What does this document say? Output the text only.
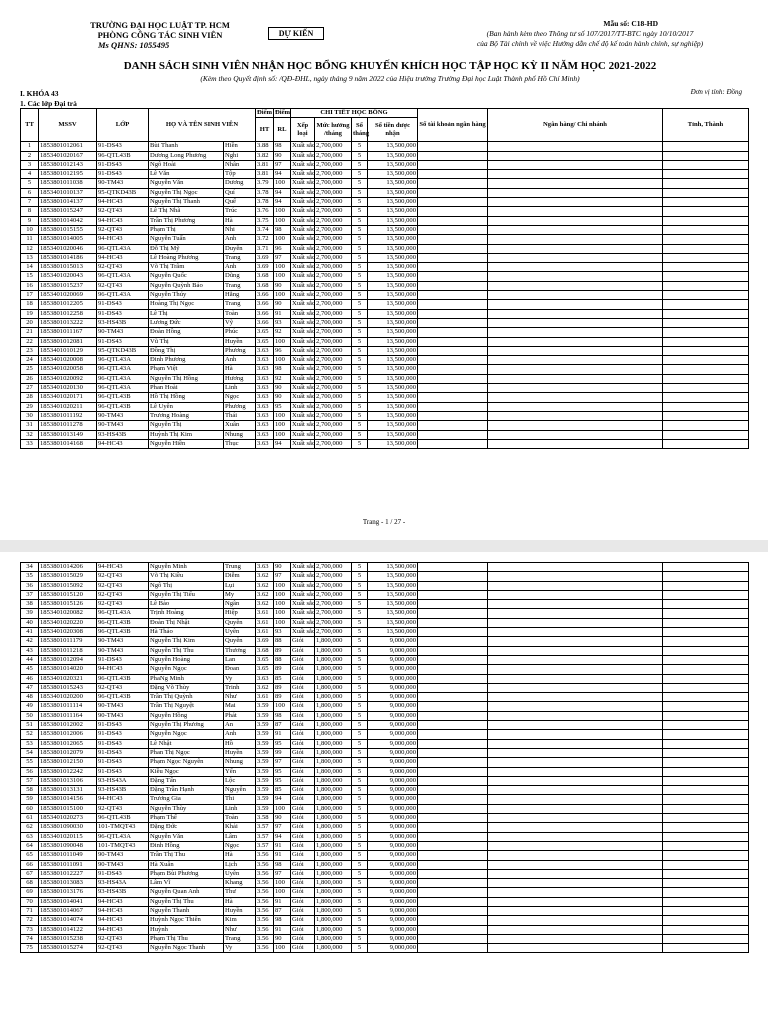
TRƯỜNG ĐẠI HỌC LUẬT TP. HCM
PHÒNG CÔNG TÁC SINH VIÊN
Ms QHNS: 1055495
DỰ KIẾN
Mẫu số: C18-HD
(Ban hành kèm theo Thông tư số 107/2017/TT-BTC ngày 10/10/2017
của Bộ Tài chính về việc Hướng dẫn chế độ kế toán hành chính, sự nghiệp)
DANH SÁCH SINH VIÊN NHẬN HỌC BỔNG KHUYẾN KHÍCH HỌC TẬP HỌC KỲ II NĂM HỌC 2021-2022
(Kèm theo Quyết định số: /QĐ-ĐHL, ngày tháng 9 năm 2022 của Hiệu trưởng Trường Đại học Luật Thành phố Hồ Chí Minh)
I. KHÓA 43
1. Các lớp Đại trà
Đơn vị tính: Đồng
TT	MSSV	LỚP	HỌ VÀ TÊN SINH VIÊN		Điểm	Điểm	CHI TIẾT HỌC BỔNG				Số tài khoản ngân hàng	Ngân hàng/ Chi nhánh	Tỉnh, Thành
					HT	RL	Xếp loại	Mức hưởng /tháng	Số tháng	Số tiền được nhận			
1	1853801012061	91-DS43	Bùi Thanh	Hiền	3.88	98	Xuất sắc	2,700,000	5	13,500,000			
2	1853401020167	96-QTL43B	Dương Long Phương	Nghi	3.82	90	Xuất sắc	2,700,000	5	13,500,000			
3	1853801012143	91-DS43	Ngô Hoài	Nhân	3.81	97	Xuất sắc	2,700,000	5	13,500,000			
4	1853801012195	91-DS43	Lê Văn	Tộp	3.81	94	Xuất sắc	2,700,000	5	13,500,000			
5	1853801011038	90-TM43	Nguyễn Văn	Dương	3.79	100	Xuất sắc	2,700,000	5	13,500,000			
6	1853401010137	95-QTKD43B	Nguyễn Thị Ngọc	Quí	3.78	94	Xuất sắc	2,700,000	5	13,500,000			
7	1853801014137	94-HC43	Nguyễn Thị Thanh	Quế	3.78	94	Xuất sắc	2,700,000	5	13,500,000			
8	1853801015247	92-QT43	Lê Thị Nhã	Trúc	3.76	100	Xuất sắc	2,700,000	5	13,500,000			
9	1853801014042	94-HC43	Trần Thị Phương	Hà	3.75	100	Xuất sắc	2,700,000	5	13,500,000			
10	1853801015155	92-QT43	Phạm Thị	Nhi	3.74	98	Xuất sắc	2,700,000	5	13,500,000			
11	1853801014005	94-HC43	Nguyễn Tuấn	Anh	3.72	100	Xuất sắc	2,700,000	5	13,500,000			
12	1853401020046	96-QTL43A	Đỗ Thị Mỹ	Duyên	3.71	96	Xuất sắc	2,700,000	5	13,500,000			
13	1853801014186	94-HC43	Lê Hoàng Phương	Trang	3.69	97	Xuất sắc	2,700,000	5	13,500,000			
14	1853801015013	92-QT43	Võ Thị Trâm	Anh	3.69	100	Xuất sắc	2,700,000	5	13,500,000			
15	1853401020043	96-QTL43A	Nguyễn Quốc	Dũng	3.68	100	Xuất sắc	2,700,000	5	13,500,000			
16	1853801015237	92-QT43	Nguyễn Quỳnh Bảo	Trang	3.68	90	Xuất sắc	2,700,000	5	13,500,000			
17	1853401020069	96-QTL43A	Nguyễn Thúy	Hằng	3.66	100	Xuất sắc	2,700,000	5	13,500,000			
18	1853801012205	91-DS43	Hoàng Thị Ngọc	Trang	3.66	90	Xuất sắc	2,700,000	5	13,500,000			
19	1853801012258	91-DS43	Lê Thị	Toàn	3.66	91	Xuất sắc	2,700,000	5	13,500,000			
20	1853801013222	93-HS43B	Lương Đức	Vỹ	3.66	93	Xuất sắc	2,700,000	5	13,500,000			
21	1853801011167	90-TM43	Đoàn Hồng	Phúc	3.65	92	Xuất sắc	2,700,000	5	13,500,000			
22	1853801012081	91-DS43	Vũ Thị	Huyền	3.65	100	Xuất sắc	2,700,000	5	13,500,000			
23	1853401010129	95-QTKD43B	Đồng Thị	Phương	3.63	96	Xuất sắc	2,700,000	5	13,500,000			
24	1853401020008	96-QTL43A	Đinh Phương	Anh	3.63	100	Xuất sắc	2,700,000	5	13,500,000			
25	1853401020058	96-QTL43A	Phạm Việt	Hà	3.63	98	Xuất sắc	2,700,000	5	13,500,000			
26	1853401020092	96-QTL43A	Nguyễn Thị Hồng	Hương	3.63	92	Xuất sắc	2,700,000	5	13,500,000			
27	1853401020130	96-QTL43A	Phan Hoài	Linh	3.63	90	Xuất sắc	2,700,000	5	13,500,000			
28	1853401020171	96-QTL43B	Hồ Thị Hồng	Ngọc	3.63	90	Xuất sắc	2,700,000	5	13,500,000			
29	1853401020211	96-QTL43B	Lê Uyên	Phương	3.63	95	Xuất sắc	2,700,000	5	13,500,000			
30	1853801011192	90-TM43	Trương Hoàng	Thái	3.63	100	Xuất sắc	2,700,000	5	13,500,000			
31	1853801011278	90-TM43	Nguyễn Thị	Xuân	3.63	100	Xuất sắc	2,700,000	5	13,500,000			
32	1853801013149	93-HS43B	Huỳnh Thị Kim	Nhung	3.63	100	Xuất sắc	2,700,000	5	13,500,000			
33	1853801014168	94-HC43	Nguyễn Hiền	Thục	3.63	94	Xuất sắc	2,700,000	5	13,500,000			
Trang - 1 / 27 -
34	1853801014206	94-HC43	Nguyễn Minh	Trung	3.63	90	Xuất sắc	2,700,000	5	13,500,000			
35	1853801015029	92-QT43	Võ Thị Kiều	Diễm	3.62	97	Xuất sắc	2,700,000	5	13,500,000			
36	1853801015092	92-QT43	Ngô Thị	Lụi	3.62	100	Xuất sắc	2,700,000	5	13,500,000			
37	1853801015120	92-QT43	Nguyễn Thị Tiểu	My	3.62	100	Xuất sắc	2,700,000	5	13,500,000			
38	1853801015126	92-QT43	Lê Bảo	Ngân	3.62	100	Xuất sắc	2,700,000	5	13,500,000			
39	1853401020082	96-QTL43A	Trịnh Hoàng	Hiệp	3.61	100	Xuất sắc	2,700,000	5	13,500,000			
40	1853401020220	96-QTL43B	Đoàn Thị Nhật	Quyên	3.61	100	Xuất sắc	2,700,000	5	13,500,000			
41	1853401020308	96-QTL43B	Hà Thảo	Uyên	3.61	93	Xuất sắc	2,700,000	5	13,500,000			
42	1853801011179	90-TM43	Nguyễn Thị Kim	Quyên	3.69	88	Giỏi	1,800,000	5	9,000,000			
43	1853801011218	90-TM43	Nguyễn Thị Thu	Thương	3.68	89	Giỏi	1,800,000	5	9,000,000			
44	1853801012094	91-DS43	Nguyễn Hoàng	Lan	3.65	88	Giỏi	1,800,000	5	9,000,000			
45	1853801014020	94-HC43	Nguyễn Ngọc	Đoan	3.65	89	Giỏi	1,800,000	5	9,000,000			
46	1853401020321	96-QTL43B	PhaNg Minh	Vy	3.63	85	Giỏi	1,800,000	5	9,000,000			
47	1853801015243	92-QT43	Đặng Võ Thùy	Trinh	3.62	89	Giỏi	1,800,000	5	9,000,000			
48	1853401020200	96-QTL43B	Trần Thị Quỳnh	Như	3.61	89	Giỏi	1,800,000	5	9,000,000			
49	1853801011114	90-TM43	Trần Thị Nguyệt	Mai	3.59	100	Giỏi	1,800,000	5	9,000,000			
50	1853801011164	90-TM43	Nguyễn Hồng	Phát	3.59	98	Giỏi	1,800,000	5	9,000,000			
51	1853801012002	91-DS43	Nguyễn Thị Phương	An	3.59	87	Giỏi	1,800,000	5	9,000,000			
52	1853801012006	91-DS43	Nguyễn Ngọc	Anh	3.59	91	Giỏi	1,800,000	5	9,000,000			
53	1853801012065	91-DS43	Lê Nhật	Hồ	3.59	95	Giỏi	1,800,000	5	9,000,000			
54	1853801012079	91-DS43	Phan Thị Ngọc	Huyền	3.59	99	Giỏi	1,800,000	5	9,000,000			
55	1853801012150	91-DS43	Phạm Ngọc Nguyên	Nhung	3.59	97	Giỏi	1,800,000	5	9,000,000			
56	1853801012242	91-DS43	Kiều Ngọc	Yến	3.59	95	Giỏi	1,800,000	5	9,000,000			
57	1853801013106	93-HS43A	Đặng Tấn	Lộc	3.59	95	Giỏi	1,800,000	5	9,000,000			
58	1853801013131	93-HS43B	Đặng Trần Hạnh	Nguyên	3.59	85	Giỏi	1,800,000	5	9,000,000			
59	1853801014156	94-HC43	Trương Gia	Thi	3.59	94	Giỏi	1,800,000	5	9,000,000			
60	1853801015100	92-QT43	Nguyễn Thùy	Linh	3.59	100	Giỏi	1,800,000	5	9,000,000			
61	1853401020273	96-QTL43B	Phạm Thế	Toàn	3.58	90	Giỏi	1,800,000	5	9,000,000			
62	1853801090030	101-TMQT43	Đặng Đức	Khải	3.57	97	Giỏi	1,800,000	5	9,000,000			
63	1853401020115	96-QTL43A	Nguyễn Văn	Lâm	3.57	94	Giỏi	1,800,000	5	9,000,000			
64	1853801090048	101-TMQT43	Đinh Hồng	Ngọc	3.57	91	Giỏi	1,800,000	5	9,000,000			
65	1853801011049	90-TM43	Trần Thị Thu	Hà	3.56	91	Giỏi	1,800,000	5	9,000,000			
66	1853801011091	90-TM43	Hà Xuân	Lịch	3.56	98	Giỏi	1,800,000	5	9,000,000			
67	1853801012227	91-DS43	Phạm Bùi Phương	Uyên	3.56	97	Giỏi	1,800,000	5	9,000,000			
68	1853801013083	93-HS43A	Lâm Vĩ	Khang	3.56	100	Giỏi	1,800,000	5	9,000,000			
69	1853801013176	93-HS43B	Nguyễn Quan Anh	Thư	3.56	100	Giỏi	1,800,000	5	9,000,000			
70	1853801014041	94-HC43	Nguyễn Thị Thu	Hà	3.56	91	Giỏi	1,800,000	5	9,000,000			
71	1853801014067	94-HC43	Nguyễn Thanh	Huyền	3.56	87	Giỏi	1,800,000	5	9,000,000			
72	1853801014074	94-HC43	Huỳnh Ngọc Thiên	Kim	3.56	98	Giỏi	1,800,000	5	9,000,000			
73	1853801014122	94-HC43	Huỳnh	Như	3.56	91	Giỏi	1,800,000	5	9,000,000			
74	1853801015238	92-QT43	Phạm Thị Thu	Trang	3.56	90	Giỏi	1,800,000	5	9,000,000			
75	1853801015274	92-QT43	Nguyễn Ngọc Thanh	Vy	3.56	100	Giỏi	1,800,000	5	9,000,000			
